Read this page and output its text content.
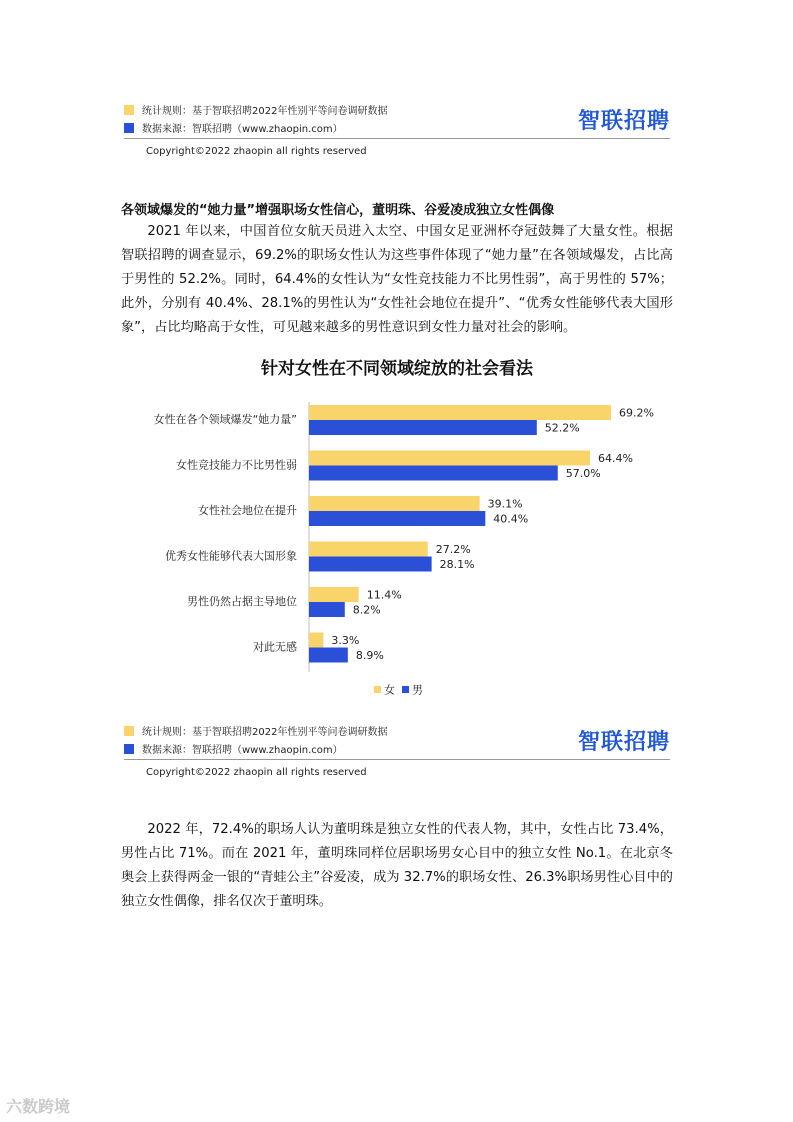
统计规则：基于智联招聘2022年性别平等问卷调研数据
数据来源：智联招聘（www.zhaopin.com）	智联招聘
Copyright©2022 zhaopin all rights reserved
各领域爆发的“她力量”增强职场女性信心，董明珠、谷爱凌成独立女性偶像

2021 年以来，中国首位女航天员进入太空、中国女足亚洲杯夺冠鼓舞了大量女性。根据智联招聘的调查显示，69.2%的职场女性认为这些事件体现了“她力量”在各领域爆发，占比高于男性的 52.2%。同时，64.4%的女性认为“女性竞技能力不比男性弱”，高于男性的 57%；此外，分别有 40.4%、28.1%的男性认为“女性社会地位在提升”、“优秀女性能够代表大国形象”，占比均略高于女性，可见越来越多的男性意识到女性力量对社会的影响。

针对女性在不同领域绽放的社会看法
女性在各个领域爆发“她力量”	69.2%
52.2%
女性竞技能力不比男性弱	64.4%
57.0%
女性社会地位在提升	39.1%
40.4%
优秀女性能够代表大国形象	27.2%
28.1%
男性仍然占据主导地位	11.4%
8.2%
对此无感	3.3%
8.9%
女 男
统计规则：基于智联招聘2022年性别平等问卷调研数据
数据来源：智联招聘（www.zhaopin.com）	智联招聘
Copyright©2022 zhaopin all rights reserved

2022 年，72.4%的职场人认为董明珠是独立女性的代表人物，其中，女性占比 73.4%，男性占比 71%。而在 2021 年，董明珠同样位居职场男女心目中的独立女性 No.1。在北京冬奥会上获得两金一银的“青蛙公主”谷爱凌，成为 32.7%的职场女性、26.3%职场男性心目中的独立女性偶像，排名仅次于董明珠。

六数跨境
